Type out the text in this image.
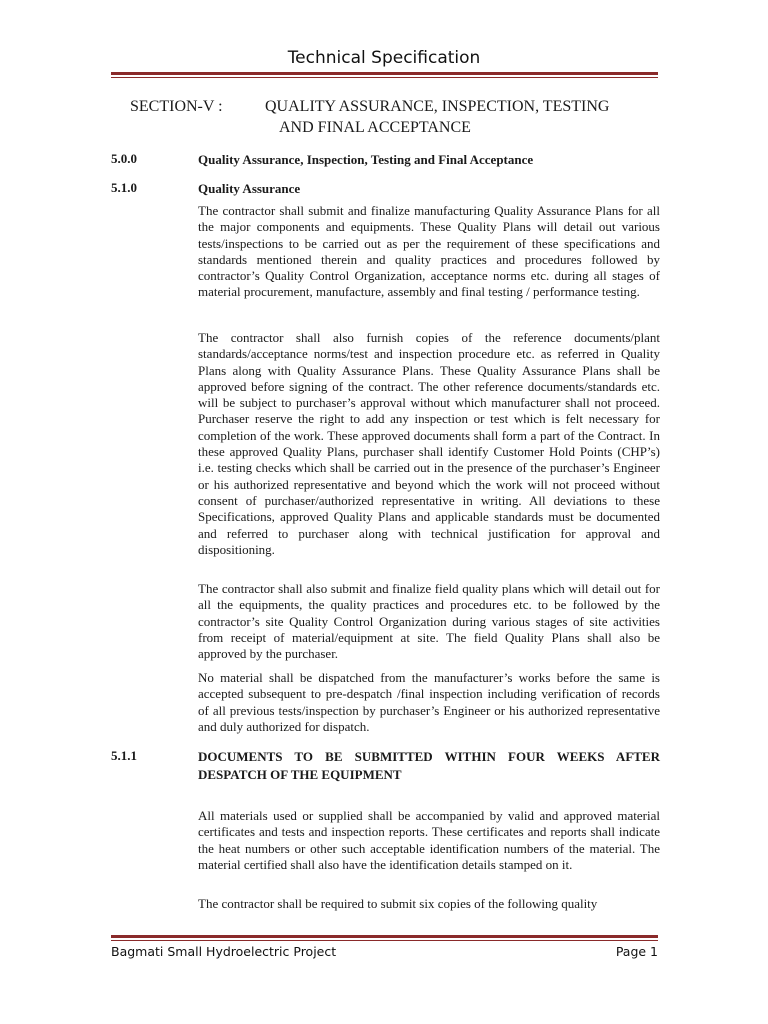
Technical Specification
SECTION-V :	QUALITY ASSURANCE, INSPECTION, TESTING
AND FINAL ACCEPTANCE
5.0.0	Quality Assurance, Inspection, Testing and Final Acceptance
5.1.0	Quality Assurance

The contractor shall submit and finalize manufacturing Quality Assurance Plans for all the major components and equipments. These Quality Plans will detail out various tests/inspections to be carried out as per the requirement of these specifications and standards mentioned therein and quality practices and procedures followed by contractor’s Quality Control Organization, acceptance norms etc. during all stages of material procurement, manufacture, assembly and final testing / performance testing.

The contractor shall also furnish copies of the reference documents/plant standards/acceptance norms/test and inspection procedure etc. as referred in Quality Plans along with Quality Assurance Plans. These Quality Assurance Plans shall be approved before signing of the contract. The other reference documents/standards etc. will be subject to purchaser’s approval without which manufacturer shall not proceed. Purchaser reserve the right to add any inspection or test which is felt necessary for completion of the work. These approved documents shall form a part of the Contract. In these approved Quality Plans, purchaser shall identify Customer Hold Points (CHP’s) i.e. testing checks which shall be carried out in the presence of the purchaser’s Engineer or his authorized representative and beyond which the work will not proceed without consent of purchaser/authorized representative in writing. All deviations to these Specifications, approved Quality Plans and applicable standards must be documented and referred to purchaser along with technical justification for approval and dispositioning.

The contractor shall also submit and finalize field quality plans which will detail out for all the equipments, the quality practices and procedures etc. to be followed by the contractor’s site Quality Control Organization during various stages of site activities from receipt of material/equipment at site. The field Quality Plans shall also be approved by the purchaser.

No material shall be dispatched from the manufacturer’s works before the same is accepted subsequent to pre-despatch /final inspection including verification of records of all previous tests/inspection by purchaser’s Engineer or his authorized representative and duly authorized for dispatch.

5.1.1	DOCUMENTS TO BE SUBMITTED WITHIN FOUR WEEKS AFTER
DESPATCH OF THE EQUIPMENT

All materials used or supplied shall be accompanied by valid and approved material certificates and tests and inspection reports. These certificates and reports shall indicate the heat numbers or other such acceptable identification numbers of the material. The material certified shall also have the identification details stamped on it.

The contractor shall be required to submit six copies of the following quality

Bagmati Small Hydroelectric Project	Page 1
